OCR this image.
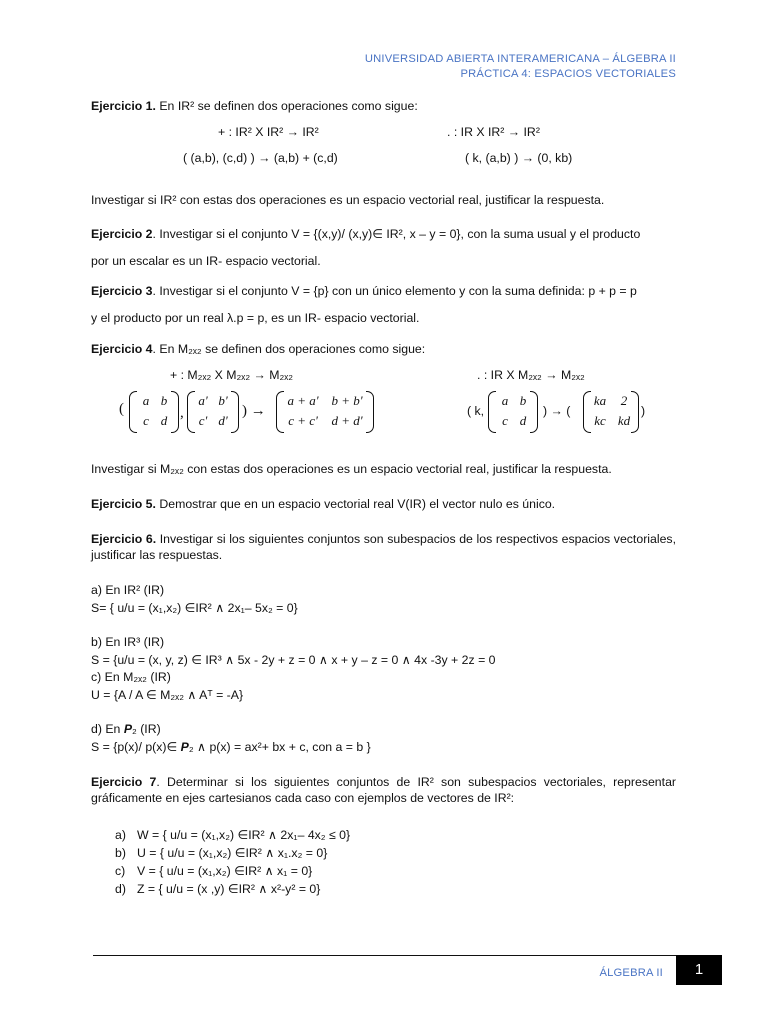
UNIVERSIDAD ABIERTA INTERAMERICANA – ÁLGEBRA II
PRÁCTICA 4: ESPACIOS VECTORIALES
Ejercicio 1. En IR² se definen dos operaciones como sigue:
+ : IR² X IR² → IR²	. : IR X IR² → IR²
( (a,b), (c,d) ) → (a,b) + (c,d)	( k, (a,b) ) → (0, kb)
Investigar si IR² con estas dos operaciones es un espacio vectorial real, justificar la respuesta.
Ejercicio 2. Investigar si el conjunto V = {(x,y)/ (x,y)∈ IR², x – y = 0}, con la suma usual y el producto
por un escalar es un IR- espacio vectorial.
Ejercicio 3. Investigar si el conjunto V = {p} con un único elemento y con la suma definida: p + p = p
y el producto por un real λ.p = p, es un IR- espacio vectorial.
Ejercicio 4. En M₂ₓ₂ se definen dos operaciones como sigue:
+ : M₂ₓ₂ X M₂ₓ₂ → M₂ₓ₂	. : IR X M₂ₓ₂ → M₂ₓ₂
(
a b
c d ,
a' b'
c' d'
) →
a + a' b + b'
c + c'	d + d'
( k,
a b
c d
) → (
ka	2
kc kd
)
Investigar si M₂ₓ₂ con estas dos operaciones es un espacio vectorial real, justificar la respuesta.
Ejercicio 5. Demostrar que en un espacio vectorial real V(IR) el vector nulo es único.
Ejercicio 6. Investigar si los siguientes conjuntos son subespacios de los respectivos espacios vectoriales, justificar las respuestas.
a) En IR² (IR)
S= { u/u = (x₁,x₂) ∈IR² ∧ 2x₁– 5x₂ = 0}
b) En IR³ (IR)
S = {u/u = (x, y, z) ∈ IR³ ∧ 5x - 2y + z = 0 ∧ x + y – z = 0 ∧ 4x -3y + 2z = 0
c) En M₂ₓ₂ (IR)
U = {A / A ∈ M₂ₓ₂ ∧ Aᵀ = -A}
d) En P₂ (IR)
S = {p(x)/ p(x)∈ P₂ ∧ p(x) = ax²+ bx + c, con a = b }
Ejercicio 7. Determinar si los siguientes conjuntos de IR² son subespacios vectoriales, representar gráficamente en ejes cartesianos cada caso con ejemplos de vectores de IR²:
a) W = { u/u = (x₁,x₂) ∈IR² ∧ 2x₁– 4x₂ ≤ 0}
b) U = { u/u = (x₁,x₂) ∈IR² ∧ x₁.x₂ = 0}
c) V = { u/u = (x₁,x₂) ∈IR² ∧ x₁ = 0}
d) Z = { u/u = (x ,y) ∈IR² ∧ x²-y² = 0}
ÁLGEBRA II	1
